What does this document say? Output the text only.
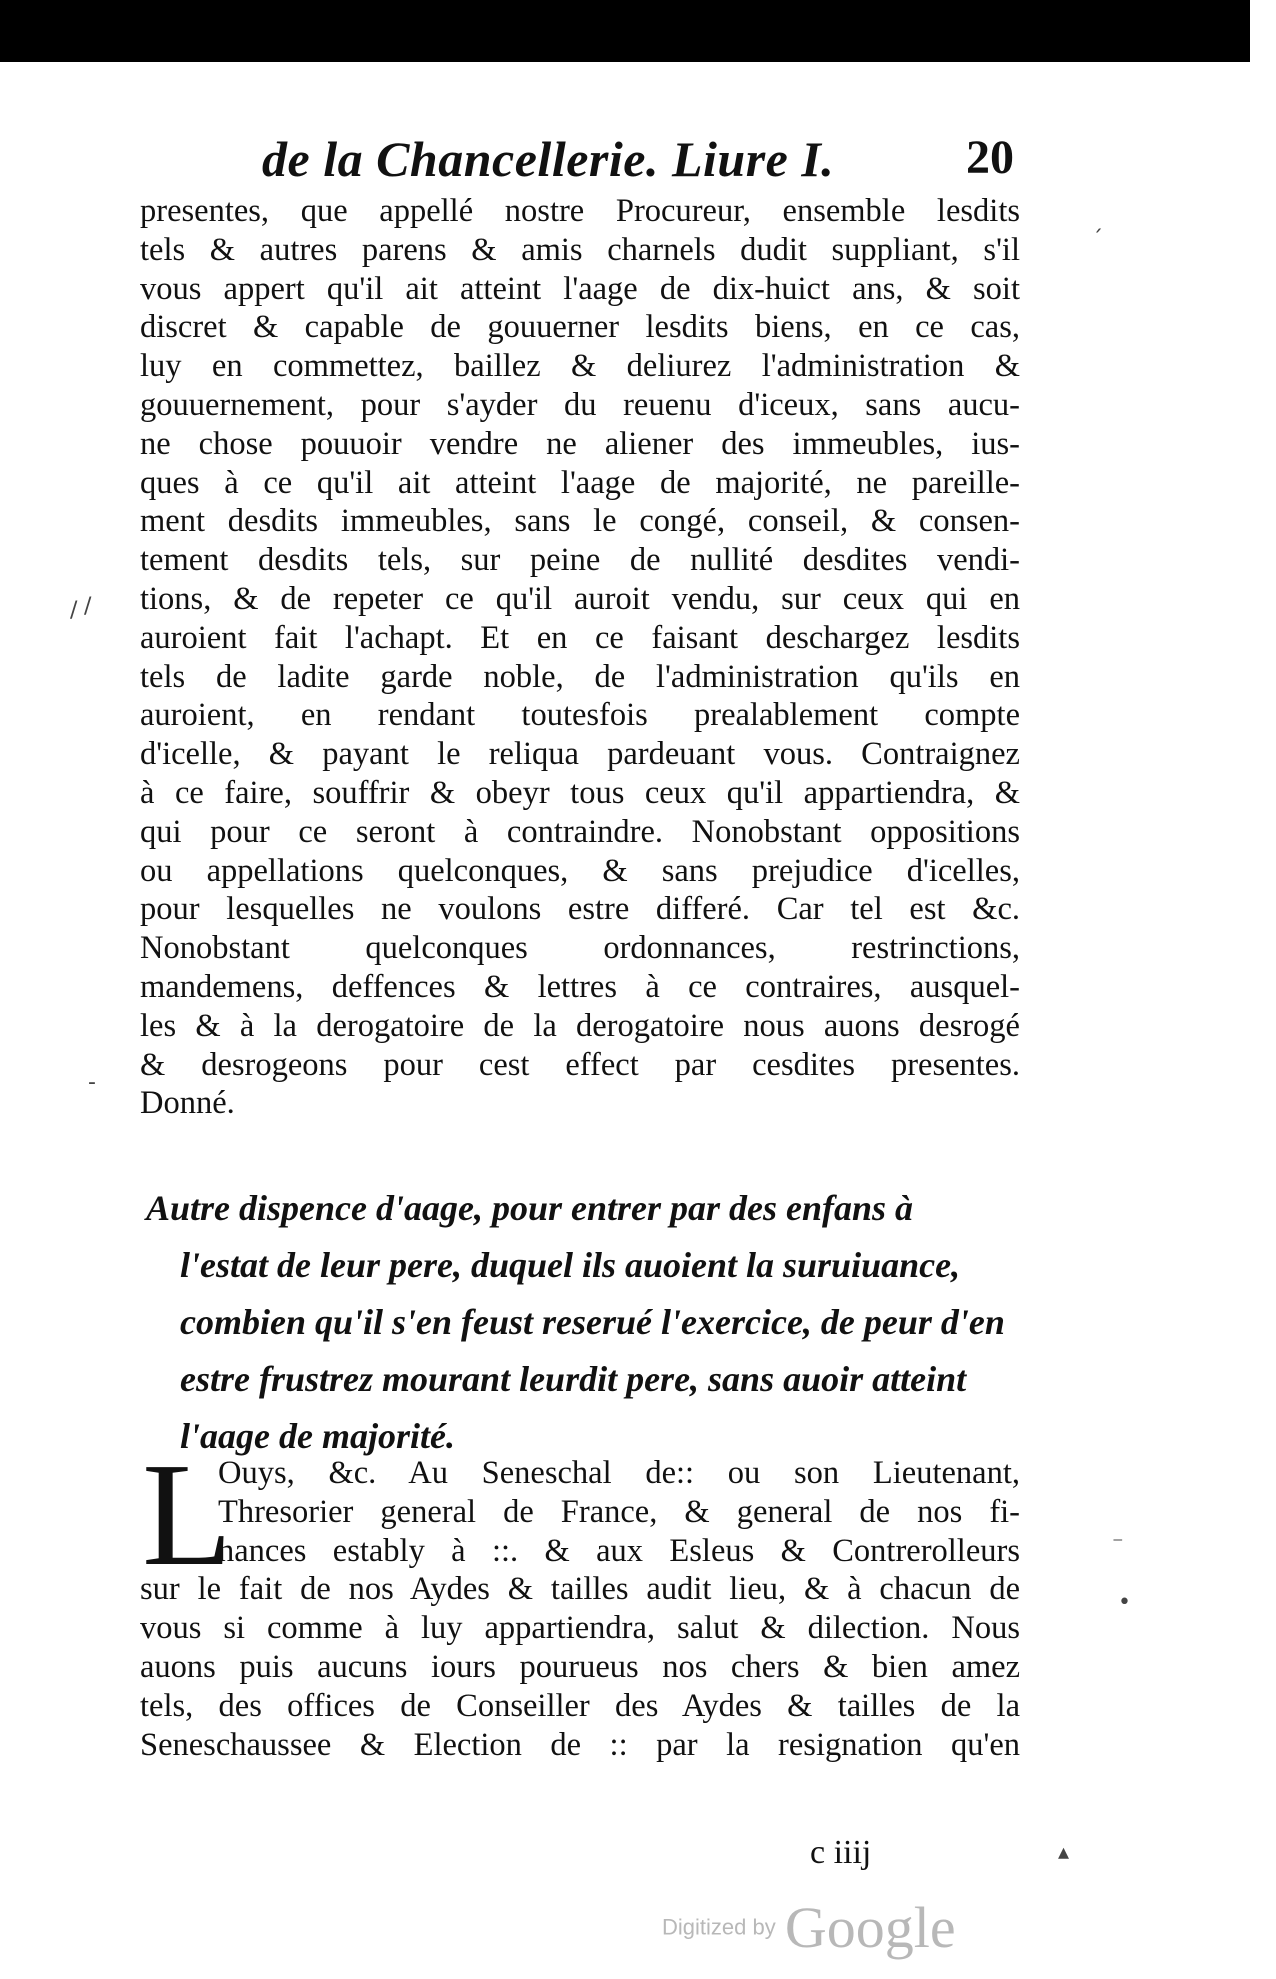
de la Chancellerie. Liure I.	20
presentes, que appellé nostre Procureur, ensemble lesdits
tels & autres parens & amis charnels dudit suppliant, s'il
vous appert qu'il ait atteint l'aage de dix-huict ans, & soit
discret & capable de gouuerner lesdits biens, en ce cas,
luy en commettez, baillez & deliurez l'administration &
gouuernement, pour s'ayder du reuenu d'iceux, sans aucu-
ne chose pouuoir vendre ne aliener des immeubles, ius-
ques à ce qu'il ait atteint l'aage de majorité, ne pareille-
ment desdits immeubles, sans le congé, conseil, & consen-
tement desdits tels, sur peine de nullité desdites vendi-
tions, & de repeter ce qu'il auroit vendu, sur ceux qui en
auroient fait l'achapt. Et en ce faisant deschargez lesdits
tels de ladite garde noble, de l'administration qu'ils en
auroient, en rendant toutesfois prealablement compte
d'icelle, & payant le reliqua pardeuant vous. Contraignez
à ce faire, souffrir & obeyr tous ceux qu'il appartiendra, &
qui pour ce seront à contraindre. Nonobstant oppositions
ou appellations quelconques, & sans prejudice d'icelles,
pour lesquelles ne voulons estre differé. Car tel est &c.
Nonobstant quelconques ordonnances, restrinctions,
mandemens, deffences & lettres à ce contraires, ausquel-
les & à la derogatoire de la derogatoire nous auons desrogé
& desrogeons pour cest effect par cesdites presentes.
Donné.
Autre dispence d'aage, pour entrer par des enfans à
l'estat de leur pere, duquel ils auoient la suruiuance,
combien qu'il s'en feust reserué l'exercice, de peur d'en
estre frustrez mourant leurdit pere, sans auoir atteint
l'aage de majorité.
L
Ouys, &c. Au Seneschal de:: ou son Lieutenant,
Thresorier general de France, & general de nos fi-
nances estably à ::. & aux Esleus & Contrerolleurs
sur le fait de nos Aydes & tailles audit lieu, & à chacun de
vous si comme à luy appartiendra, salut & dilection. Nous
auons puis aucuns iours pourueus nos chers & bien amez
tels, des offices de Conseiller des Aydes & tailles de la
Seneschaussee & Election de :: par la resignation qu'en
c iiij
Digitized by Google
ˏ
/
/
-
⁻
•
▴
